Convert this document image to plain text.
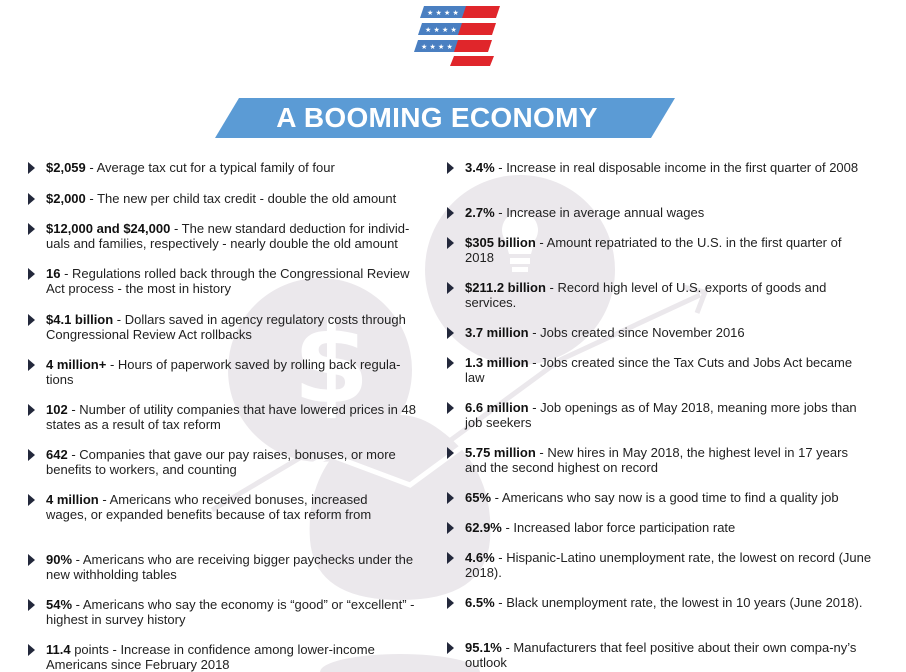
$
★ ★ ★ ★
★ ★ ★ ★
★ ★ ★ ★
A BOOMING ECONOMY
$2,059 - Average tax cut for a typical family of four
$2,000 - The new per child tax credit - double the old amount
$12,000 and $24,000 - The new standard deduction for individ-uals and families, respectively - nearly double the old amount
16 - Regulations rolled back through the Congressional Review Act process - the most in history
$4.1 billion - Dollars saved in agency regulatory costs through Congressional Review Act rollbacks
4 million+ - Hours of paperwork saved by rolling back regula-tions
102 - Number of utility companies that have lowered prices in 48 states as a result of tax reform
642 - Companies that gave our pay raises, bonuses, or more benefits to workers, and counting
4 million - Americans who received bonuses, increased wages, or expanded benefits because of tax reform from
90% - Americans who are receiving bigger paychecks under the new withholding tables
54% - Americans who say the economy is “good” or “excellent” - highest in survey history
11.4 points - Increase in confidence among lower-income Americans since February 2018
3.4% - Increase in real disposable income in the first quarter of 2008
2.7% - Increase in average annual wages
$305 billion - Amount repatriated to the U.S. in the first quarter of 2018
$211.2 billion - Record high level of U.S. exports of goods and services.
3.7 million - Jobs created since November 2016
1.3 million - Jobs created since the Tax Cuts and Jobs Act became law
6.6 million - Job openings as of May 2018, meaning more jobs than job seekers
5.75 million - New hires in May 2018, the highest level in 17 years and the second highest on record
65% - Americans who say now is a good time to find a quality job
62.9% - Increased labor force participation rate
4.6% - Hispanic-Latino unemployment rate, the lowest on record (June 2018).
6.5% - Black unemployment rate, the lowest in 10 years (June 2018).
95.1% - Manufacturers that feel positive about their own compa-ny’s outlook
